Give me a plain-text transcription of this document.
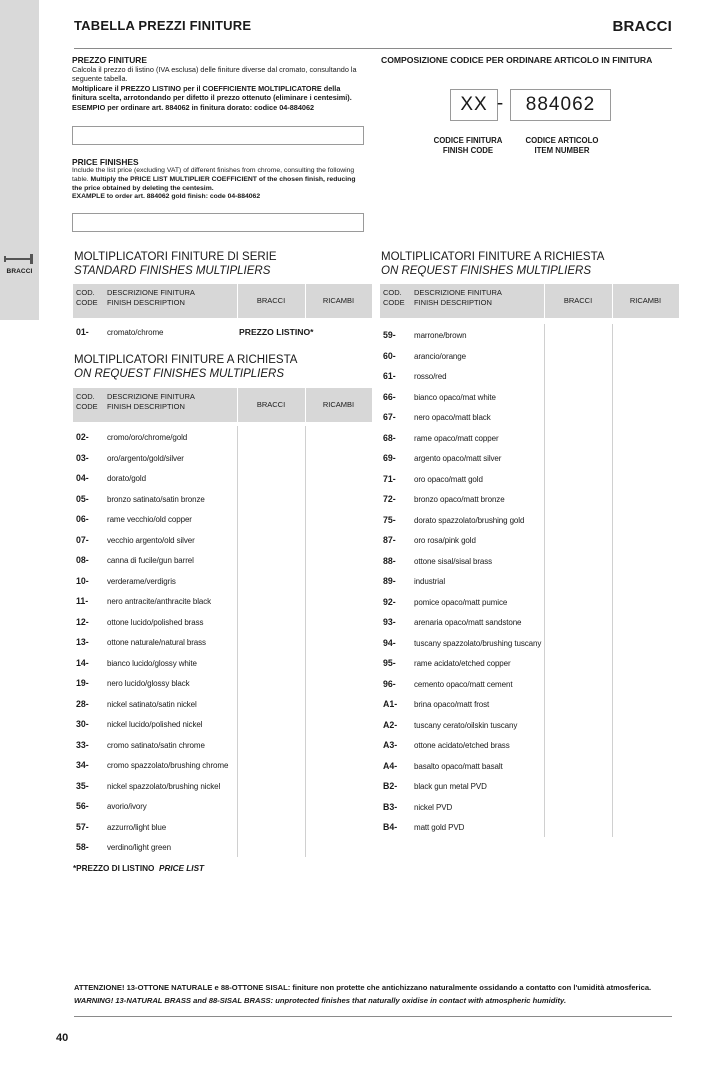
BRACCI
TABELLA PREZZI FINITURE	BRACCI
PREZZO FINITURE
Calcola il prezzo di listino (IVA esclusa) delle finiture diverse dal cromato, consultando la seguente tabella.
Moltiplicare il PREZZO LISTINO per il COEFFICIENTE MOLTIPLICATORE della finitura scelta, arrotondando per difetto il prezzo ottenuto (eliminare i centesimi).
ESEMPIO per ordinare art. 884062 in finitura dorato: codice 04-884062
PRICE FINISHES
Include the list price (excluding VAT) of different finishes from chrome, consulting the following table. Multiply the PRICE LIST MULTIPLIER COEFFICIENT of the chosen finish, reducing the price obtained by deleting the centesim.
EXAMPLE to order art. 884062 gold finish: code 04-884062
COMPOSIZIONE CODICE PER ORDINARE ARTICOLO IN FINITURA
XX -	884062
CODICE FINITURA
FINISH CODE
CODICE ARTICOLO
ITEM NUMBER
MOLTIPLICATORI FINITURE DI SERIE
STANDARD FINISHES MULTIPLIERS
COD.
CODE
DESCRIZIONE FINITURA
FINISH DESCRIPTION	BRACCI	RICAMBI
01- cromato/chrome	PREZZO LISTINO*
MOLTIPLICATORI FINITURE A RICHIESTA
ON REQUEST FINISHES MULTIPLIERS
COD.
CODE
DESCRIZIONE FINITURA
FINISH DESCRIPTION	BRACCI	RICAMBI
02- cromo/oro/chrome/gold
03- oro/argento/gold/silver
04- dorato/gold
05- bronzo satinato/satin bronze
06- rame vecchio/old copper
07- vecchio argento/old silver
08- canna di fucile/gun barrel
10- verderame/verdigris
11- nero antracite/anthracite black
12- ottone lucido/polished brass
13- ottone naturale/natural brass
14- bianco lucido/glossy white
19- nero lucido/glossy black
28- nickel satinato/satin nickel
30- nickel lucido/polished nickel
33- cromo satinato/satin chrome
34- cromo spazzolato/brushing chrome
35- nickel spazzolato/brushing nickel
56- avorio/ivory
57- azzurro/light blue
58- verdino/light green
MOLTIPLICATORI FINITURE A RICHIESTA
ON REQUEST FINISHES MULTIPLIERS
COD.
CODE
DESCRIZIONE FINITURA
FINISH DESCRIPTION	BRACCI	RICAMBI
59- marrone/brown
60- arancio/orange
61- rosso/red
66- bianco opaco/mat white
67- nero opaco/matt black
68- rame opaco/matt copper
69- argento opaco/matt silver
71- oro opaco/matt gold
72- bronzo opaco/matt bronze
75- dorato spazzolato/brushing gold
87- oro rosa/pink gold
88- ottone sisal/sisal brass
89- industrial
92- pomice opaco/matt pumice
93- arenaria opaco/matt sandstone
94- tuscany spazzolato/brushing tuscany
95- rame acidato/etched copper
96- cemento opaco/matt cement
A1- brina opaco/matt frost
A2- tuscany cerato/oilskin tuscany
A3- ottone acidato/etched brass
A4- basalto opaco/matt basalt
B2- black gun metal PVD
B3- nickel PVD
B4- matt gold PVD
*PREZZO DI LISTINO PRICE LIST
ATTENZIONE! 13-OTTONE NATURALE e 88-OTTONE SISAL: finiture non protette che antichizzano naturalmente ossidando a contatto con l'umidità atmosferica.
WARNING! 13-NATURAL BRASS and 88-SISAL BRASS: unprotected finishes that naturally oxidise in contact with atmospheric humidity.
40
